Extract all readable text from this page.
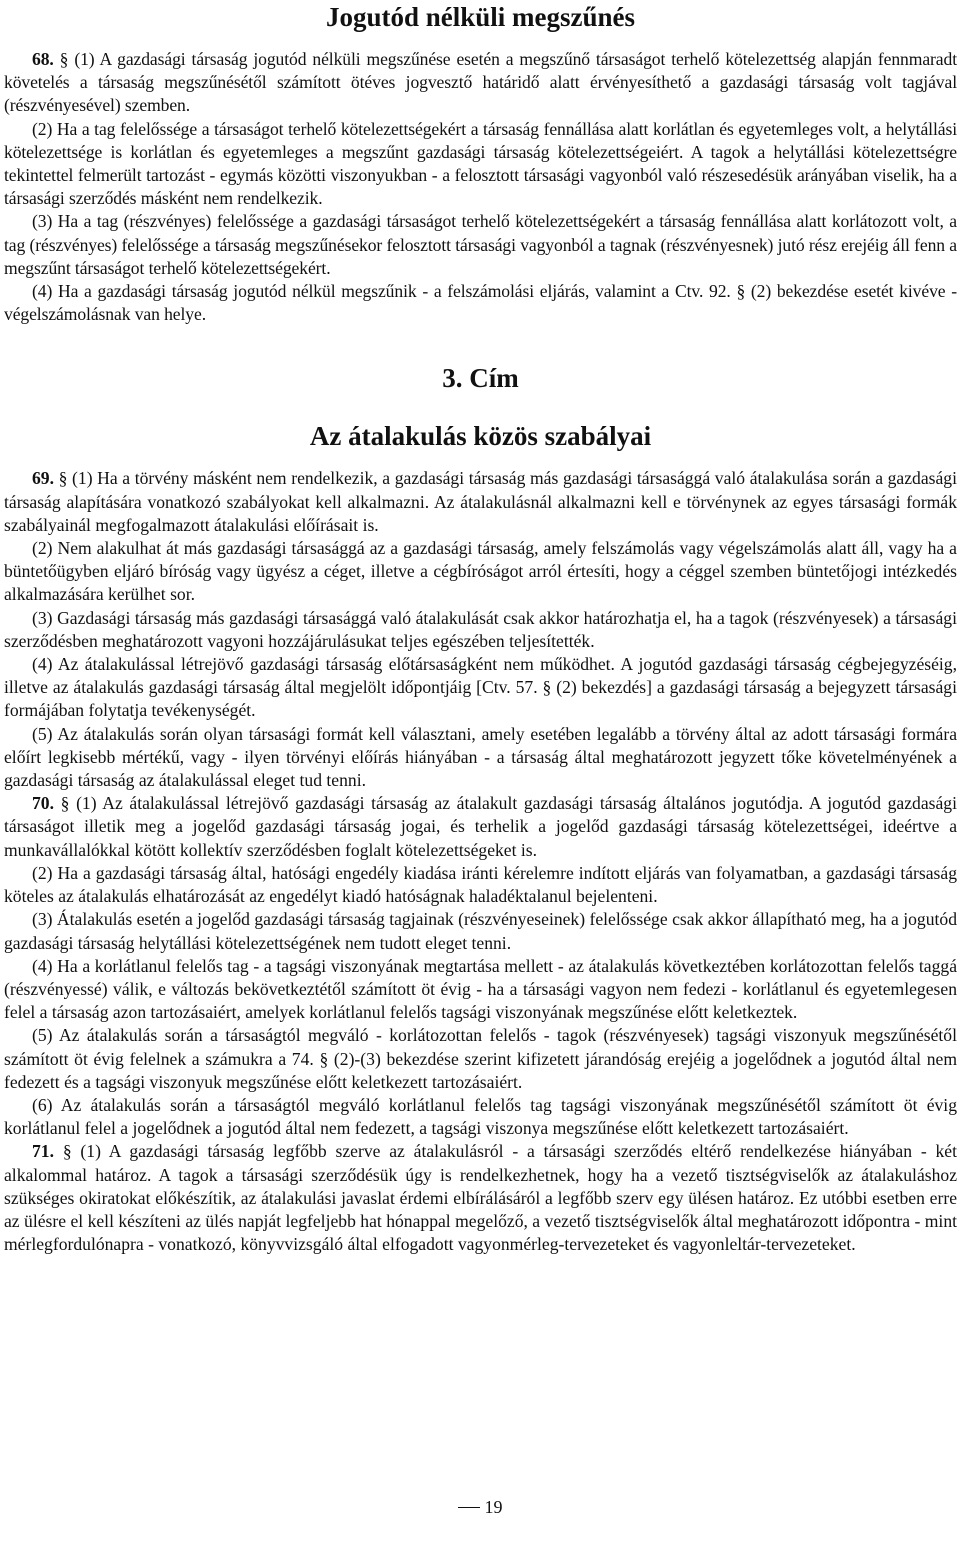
Jogutód nélküli megszűnés

68. § (1) A gazdasági társaság jogutód nélküli megszűnése esetén a megszűnő társaságot terhelő kötelezettség alapján fennmaradt követelés a társaság megszűnésétől számított ötéves jogvesztő határidő alatt érvényesíthető a gazdasági társaság volt tagjával (részvényesével) szemben.

(2) Ha a tag felelőssége a társaságot terhelő kötelezettségekért a társaság fennállása alatt korlátlan és egyetemleges volt, a helytállási kötelezettsége is korlátlan és egyetemleges a megszűnt gazdasági társaság kötelezettségeiért. A tagok a helytállási kötelezettségre tekintettel felmerült tartozást - egymás közötti viszonyukban - a felosztott társasági vagyonból való részesedésük arányában viselik, ha a társasági szerződés másként nem rendelkezik.

(3) Ha a tag (részvényes) felelőssége a gazdasági társaságot terhelő kötelezettségekért a társaság fennállása alatt korlátozott volt, a tag (részvényes) felelőssége a társaság megszűnésekor felosztott társasági vagyonból a tagnak (részvényesnek) jutó rész erejéig áll fenn a megszűnt társaságot terhelő kötelezettségekért.

(4) Ha a gazdasági társaság jogutód nélkül megszűnik - a felszámolási eljárás, valamint a Ctv. 92. § (2) bekezdése esetét kivéve - végelszámolásnak van helye.

3. Cím
Az átalakulás közös szabályai

69. § (1) Ha a törvény másként nem rendelkezik, a gazdasági társaság más gazdasági társasággá való átalakulása során a gazdasági társaság alapítására vonatkozó szabályokat kell alkalmazni. Az átalakulásnál alkalmazni kell e törvénynek az egyes társasági formák szabályainál megfogalmazott átalakulási előírásait is.

(2) Nem alakulhat át más gazdasági társasággá az a gazdasági társaság, amely felszámolás vagy végelszámolás alatt áll, vagy ha a büntetőügyben eljáró bíróság vagy ügyész a céget, illetve a cégbíróságot arról értesíti, hogy a céggel szemben büntetőjogi intézkedés alkalmazására kerülhet sor.

(3) Gazdasági társaság más gazdasági társasággá való átalakulását csak akkor határozhatja el, ha a tagok (részvényesek) a társasági szerződésben meghatározott vagyoni hozzájárulásukat teljes egészében teljesítették.

(4) Az átalakulással létrejövő gazdasági társaság előtársaságként nem működhet. A jogutód gazdasági társaság cégbejegyzéséig, illetve az átalakulás gazdasági társaság által megjelölt időpontjáig [Ctv. 57. § (2) bekezdés] a gazdasági társaság a bejegyzett társasági formájában folytatja tevékenységét.

(5) Az átalakulás során olyan társasági formát kell választani, amely esetében legalább a törvény által az adott társasági formára előírt legkisebb mértékű, vagy - ilyen törvényi előírás hiányában - a társaság által meghatározott jegyzett tőke követelményének a gazdasági társaság az átalakulással eleget tud tenni.

70. § (1) Az átalakulással létrejövő gazdasági társaság az átalakult gazdasági társaság általános jogutódja. A jogutód gazdasági társaságot illetik meg a jogelőd gazdasági társaság jogai, és terhelik a jogelőd gazdasági társaság kötelezettségei, ideértve a munkavállalókkal kötött kollektív szerződésben foglalt kötelezettségeket is.

(2) Ha a gazdasági társaság által, hatósági engedély kiadása iránti kérelemre indított eljárás van folyamatban, a gazdasági társaság köteles az átalakulás elhatározását az engedélyt kiadó hatóságnak haladéktalanul bejelenteni.

(3) Átalakulás esetén a jogelőd gazdasági társaság tagjainak (részvényeseinek) felelőssége csak akkor állapítható meg, ha a jogutód gazdasági társaság helytállási kötelezettségének nem tudott eleget tenni.

(4) Ha a korlátlanul felelős tag - a tagsági viszonyának megtartása mellett - az átalakulás következtében korlátozottan felelős taggá (részvényessé) válik, e változás bekövetkeztétől számított öt évig - ha a társasági vagyon nem fedezi - korlátlanul és egyetemlegesen felel a társaság azon tartozásaiért, amelyek korlátlanul felelős tagsági viszonyának megszűnése előtt keletkeztek.

(5) Az átalakulás során a társaságtól megváló - korlátozottan felelős - tagok (részvényesek) tagsági viszonyuk megszűnésétől számított öt évig felelnek a számukra a 74. § (2)-(3) bekezdése szerint kifizetett járandóság erejéig a jogelődnek a jogutód által nem fedezett és a tagsági viszonyuk megszűnése előtt keletkezett tartozásaiért.

(6) Az átalakulás során a társaságtól megváló korlátlanul felelős tag tagsági viszonyának megszűnésétől számított öt évig korlátlanul felel a jogelődnek a jogutód által nem fedezett, a tagsági viszonya megszűnése előtt keletkezett tartozásaiért.

71. § (1) A gazdasági társaság legfőbb szerve az átalakulásról - a társasági szerződés eltérő rendelkezése hiányában - két alkalommal határoz. A tagok a társasági szerződésük úgy is rendelkezhetnek, hogy ha a vezető tisztségviselők az átalakuláshoz szükséges okiratokat előkészítik, az átalakulási javaslat érdemi elbírálásáról a legfőbb szerv egy ülésen határoz. Ez utóbbi esetben erre az ülésre el kell készíteni az ülés napját legfeljebb hat hónappal megelőző, a vezető tisztségviselők által meghatározott időpontra - mint mérlegfordulónapra - vonatkozó, könyvvizsgáló által elfogadott vagyonmérleg-tervezeteket és vagyonleltár-tervezeteket.

19
